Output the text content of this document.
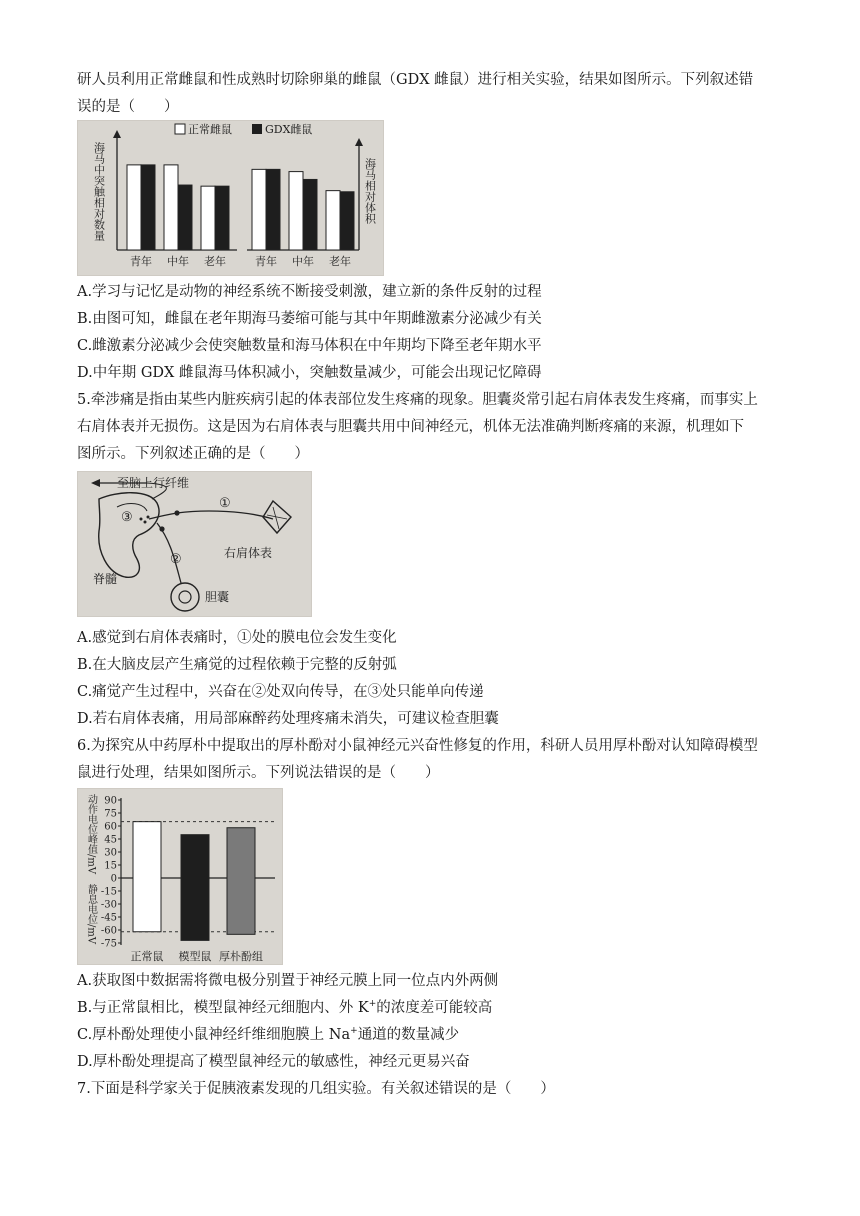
研人员利用正常雌鼠和性成熟时切除卵巢的雌鼠（GDX 雌鼠）进行相关实验，结果如图所示。下列叙述错
误的是（　　）
正常雌鼠	GDX雌鼠
海马中突触相对数量	海马相对体积
青年 中年 老年	青年 中年 老年
A.学习与记忆是动物的神经系统不断接受刺激，建立新的条件反射的过程
B.由图可知，雌鼠在老年期海马萎缩可能与其中年期雌激素分泌减少有关
C.雌激素分泌减少会使突触数量和海马体积在中年期均下降至老年期水平
D.中年期 GDX 雌鼠海马体积减小，突触数量减少，可能会出现记忆障碍
5.牵涉痛是指由某些内脏疾病引起的体表部位发生疼痛的现象。胆囊炎常引起右肩体表发生疼痛，而事实上
右肩体表并无损伤。这是因为右肩体表与胆囊共用中间神经元，机体无法准确判断疼痛的来源，机理如下
图所示。下列叙述正确的是（　　）
至脑上行纤维
脊髓
①
②
③
右肩体表
胆囊
A.感觉到右肩体表痛时，①处的膜电位会发生变化
B.在大脑皮层产生痛觉的过程依赖于完整的反射弧
C.痛觉产生过程中，兴奋在②处双向传导，在③处只能单向传递
D.若右肩体表痛，用局部麻醉药处理疼痛未消失，可建议检查胆囊
6.为探究从中药厚朴中提取出的厚朴酚对小鼠神经元兴奋性修复的作用，科研人员用厚朴酚对认知障碍模型
鼠进行处理，结果如图所示。下列说法错误的是（　　）
动作电位峰值/mV
静息电位/mV
90
75
60
45
30
15
0
-15
-30
-45
-60
-75
正常鼠 模型鼠 厚朴酚组
A.获取图中数据需将微电极分别置于神经元膜上同一位点内外两侧
B.与正常鼠相比，模型鼠神经元细胞内、外 K+的浓度差可能较高
C.厚朴酚处理使小鼠神经纤维细胞膜上 Na+通道的数量减少
D.厚朴酚处理提高了模型鼠神经元的敏感性，神经元更易兴奋
7.下面是科学家关于促胰液素发现的几组实验。有关叙述错误的是（　　）
